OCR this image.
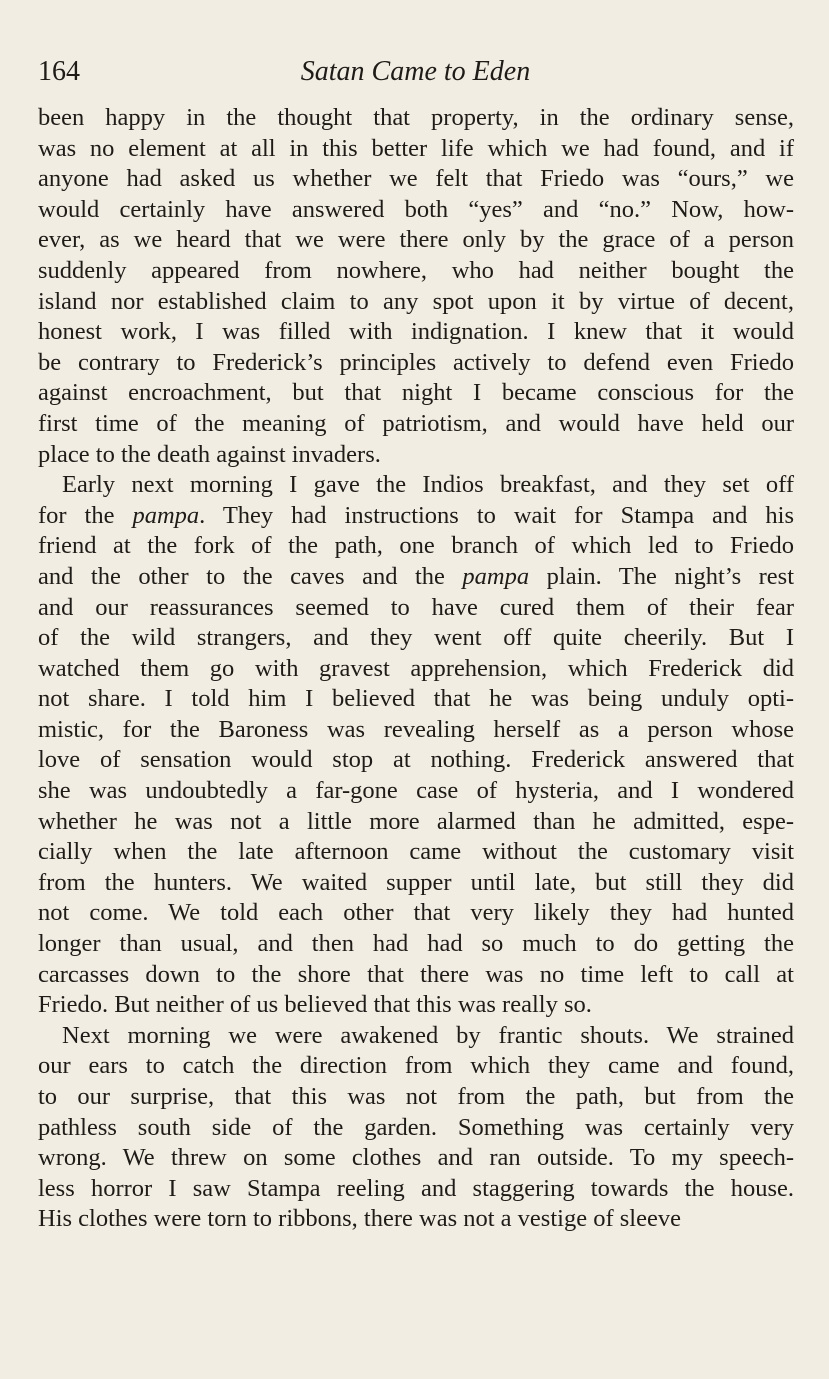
164	Satan Came to Eden
been happy in the thought that property, in the ordinary sense,
was no element at all in this better life which we had found, and if
anyone had asked us whether we felt that Friedo was “ours,” we
would certainly have answered both “yes” and “no.” Now, how-
ever, as we heard that we were there only by the grace of a person
suddenly appeared from nowhere, who had neither bought the
island nor established claim to any spot upon it by virtue of decent,
honest work, I was filled with indignation. I knew that it would
be contrary to Frederick’s principles actively to defend even Friedo
against encroachment, but that night I became conscious for the
first time of the meaning of patriotism, and would have held our
place to the death against invaders.
Early next morning I gave the Indios breakfast, and they set off
for the pampa. They had instructions to wait for Stampa and his
friend at the fork of the path, one branch of which led to Friedo
and the other to the caves and the pampa plain. The night’s rest
and our reassurances seemed to have cured them of their fear
of the wild strangers, and they went off quite cheerily. But I
watched them go with gravest apprehension, which Frederick did
not share. I told him I believed that he was being unduly opti-
mistic, for the Baroness was revealing herself as a person whose
love of sensation would stop at nothing. Frederick answered that
she was undoubtedly a far-gone case of hysteria, and I wondered
whether he was not a little more alarmed than he admitted, espe-
cially when the late afternoon came without the customary visit
from the hunters. We waited supper until late, but still they did
not come. We told each other that very likely they had hunted
longer than usual, and then had had so much to do getting the
carcasses down to the shore that there was no time left to call at
Friedo. But neither of us believed that this was really so.
Next morning we were awakened by frantic shouts. We strained
our ears to catch the direction from which they came and found,
to our surprise, that this was not from the path, but from the
pathless south side of the garden. Something was certainly very
wrong. We threw on some clothes and ran outside. To my speech-
less horror I saw Stampa reeling and staggering towards the house.
His clothes were torn to ribbons, there was not a vestige of sleeve
